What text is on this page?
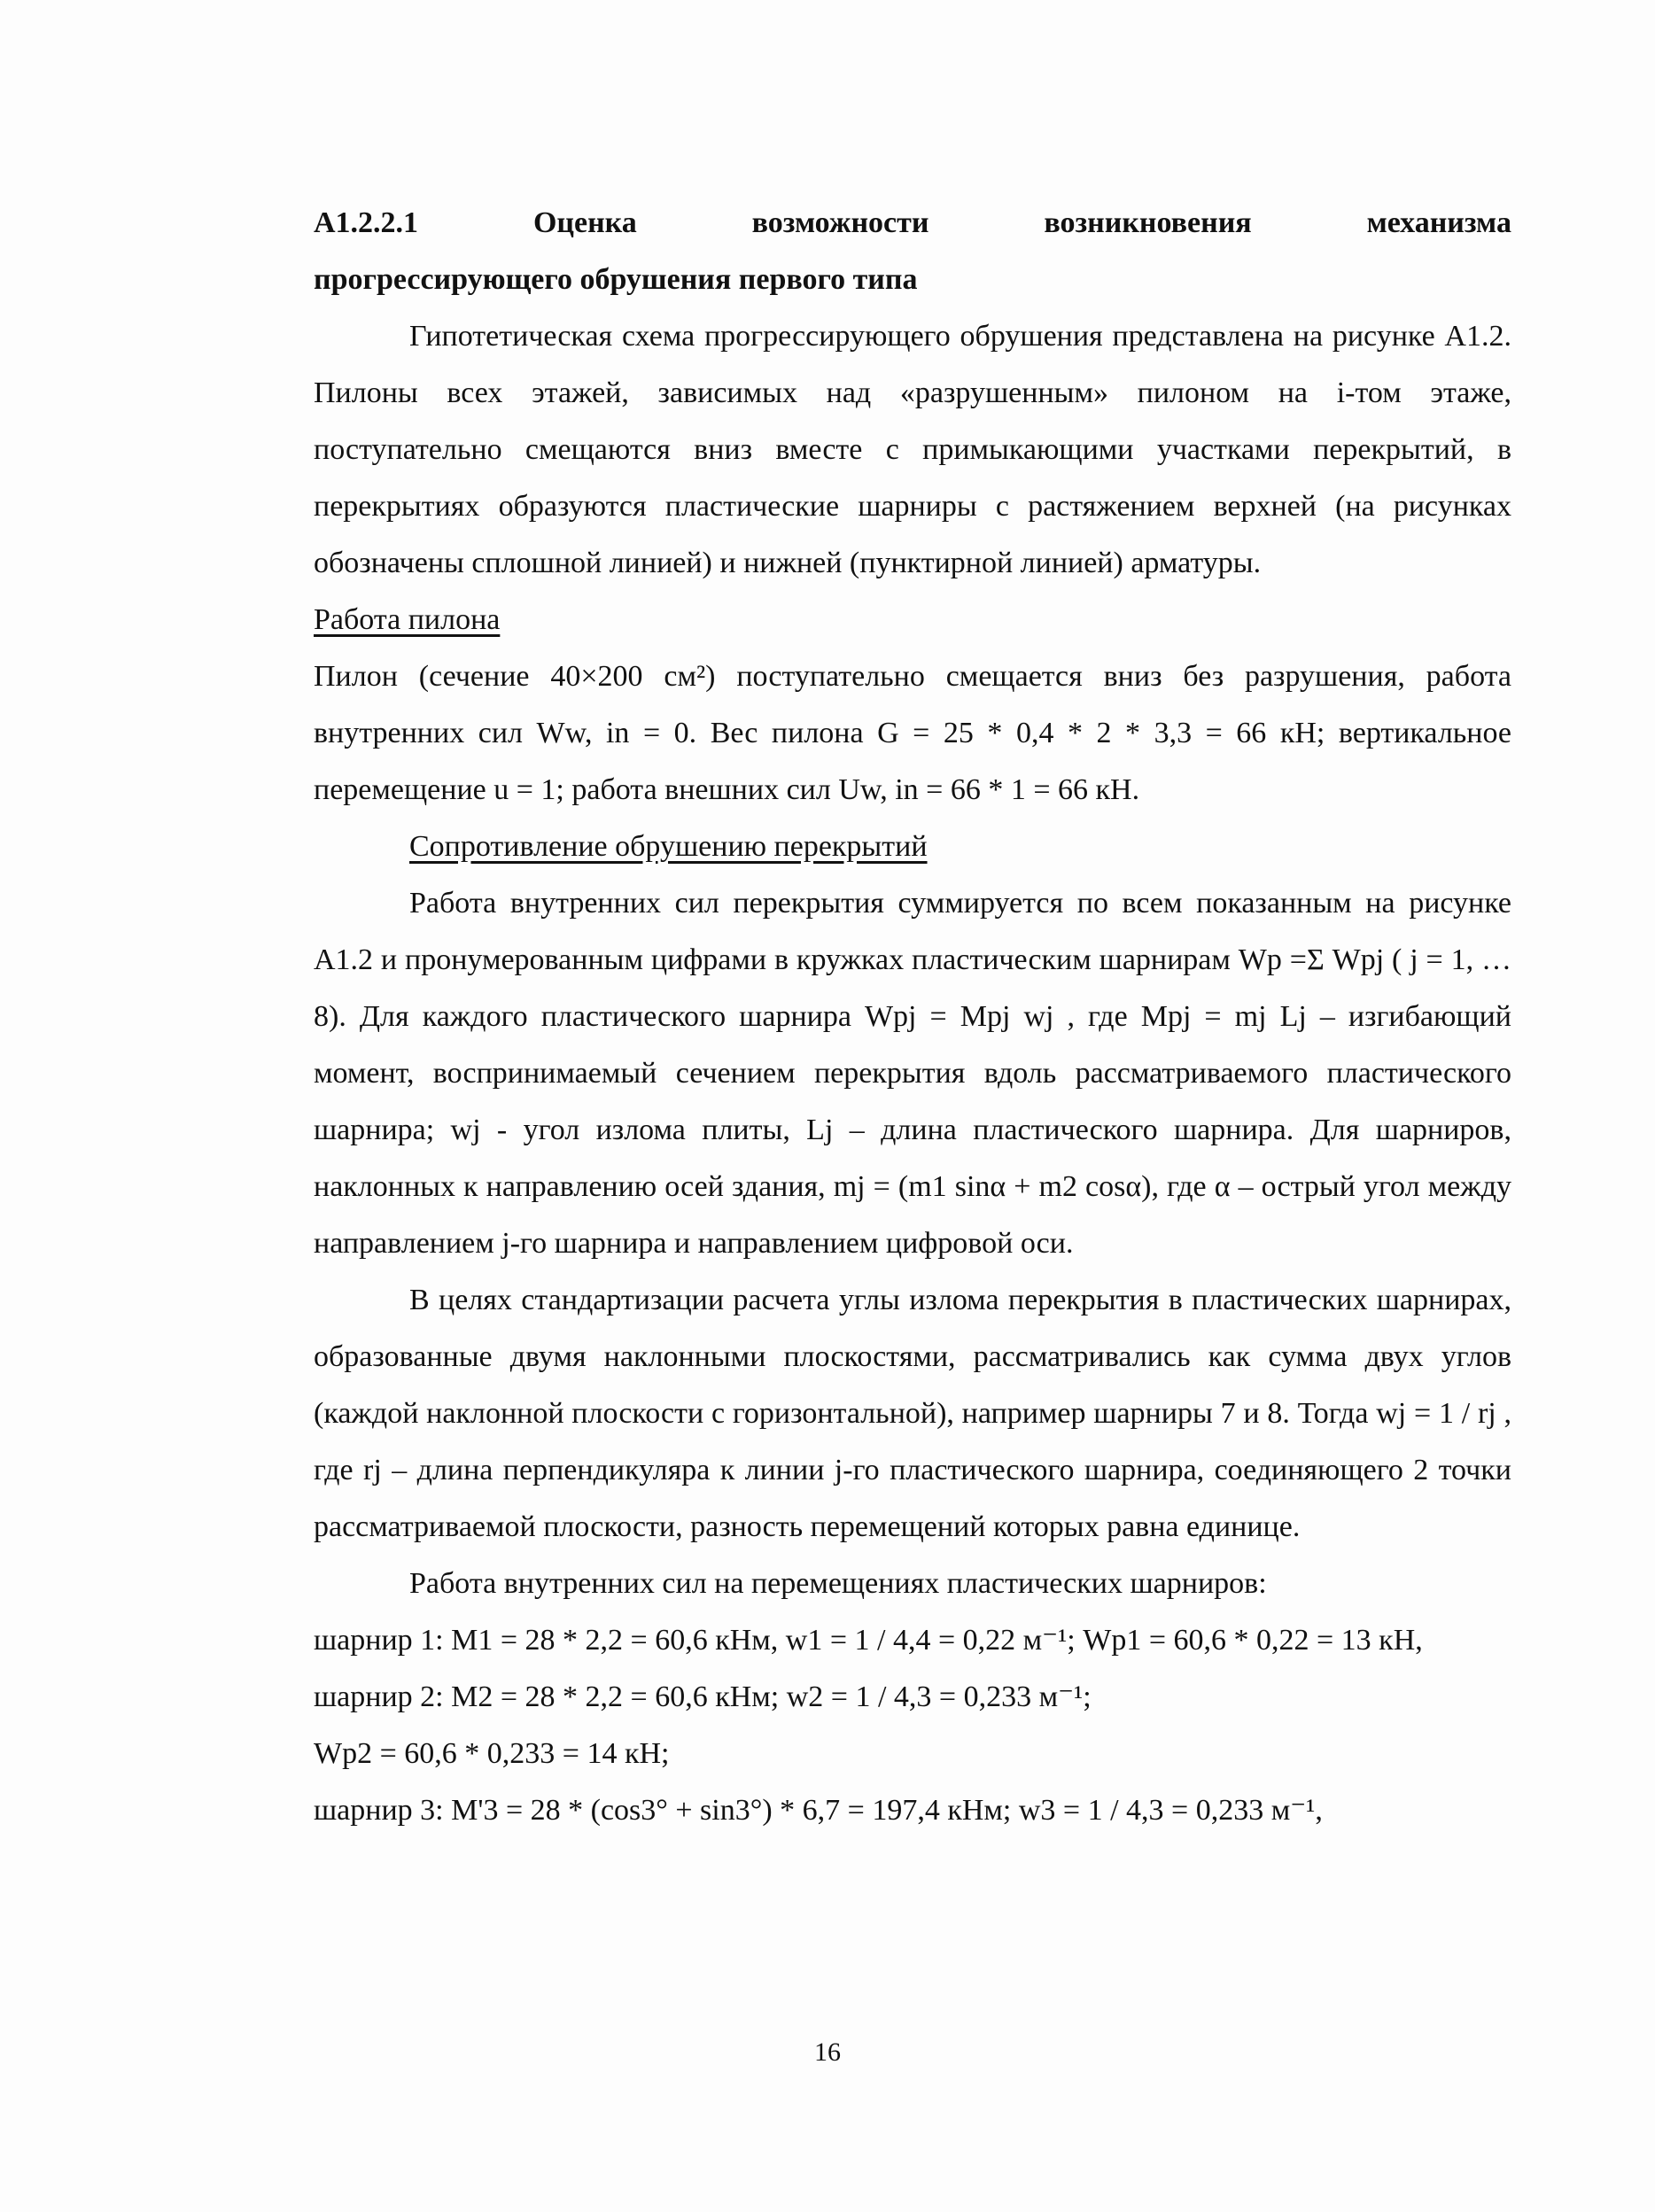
А1.2.2.1	Оценка	возможности	возникновения	механизма
прогрессирующего обрушения первого типа

Гипотетическая схема прогрессирующего обрушения представлена на рисунке А1.2. Пилоны всех этажей, зависимых над «разрушенным» пилоном на i-том этаже, поступательно смещаются вниз вместе с примыкающими участками перекрытий, в перекрытиях образуются пластические шарниры с растяжением верхней (на рисунках обозначены сплошной линией) и нижней (пунктирной линией) арматуры.

Работа пилона

Пилон (сечение 40×200 см²) поступательно смещается вниз без разрушения, работа внутренних сил Ww, in = 0. Вес пилона G = 25 * 0,4 * 2 * 3,3 = 66 кН; вертикальное перемещение u = 1; работа внешних сил Uw, in = 66 * 1 = 66 кН.

Сопротивление обрушению перекрытий

Работа внутренних сил перекрытия суммируется по всем показанным на рисунке А1.2 и пронумерованным цифрами в кружках пластическим шарнирам Wp =Σ Wpj ( j = 1, …8). Для каждого пластического шарнира Wpj = Mpj wj , где Mpj = mj Lj – изгибающий момент, воспринимаемый сечением перекрытия вдоль рассматриваемого пластического шарнира; wj - угол излома плиты, Lj – длина пластического шарнира. Для шарниров, наклонных к направлению осей здания, mj = (m1 sinα + m2 cosα), где α – острый угол между направлением j-го шарнира и направлением цифровой оси.

В целях стандартизации расчета углы излома перекрытия в пластических шарнирах, образованные двумя наклонными плоскостями, рассматривались как сумма двух углов (каждой наклонной плоскости с горизонтальной), например шарниры 7 и 8. Тогда wj = 1 / rj , где rj – длина перпендикуляра к линии j-го пластического шарнира, соединяющего 2 точки рассматриваемой плоскости, разность перемещений которых равна единице.

Работа внутренних сил на перемещениях пластических шарниров:

шарнир 1: M1 = 28 * 2,2 = 60,6 кНм, w1 = 1 / 4,4 = 0,22 м⁻¹; Wp1 = 60,6 * 0,22 = 13 кН,
шарнир 2: M2 = 28 * 2,2 = 60,6 кНм; w2 = 1 / 4,3 = 0,233 м⁻¹;
Wp2 = 60,6 * 0,233 = 14 кН;
шарнир 3: M'3 = 28 * (cos3° + sin3°) * 6,7 = 197,4 кНм; w3 = 1 / 4,3 = 0,233 м⁻¹,
16
